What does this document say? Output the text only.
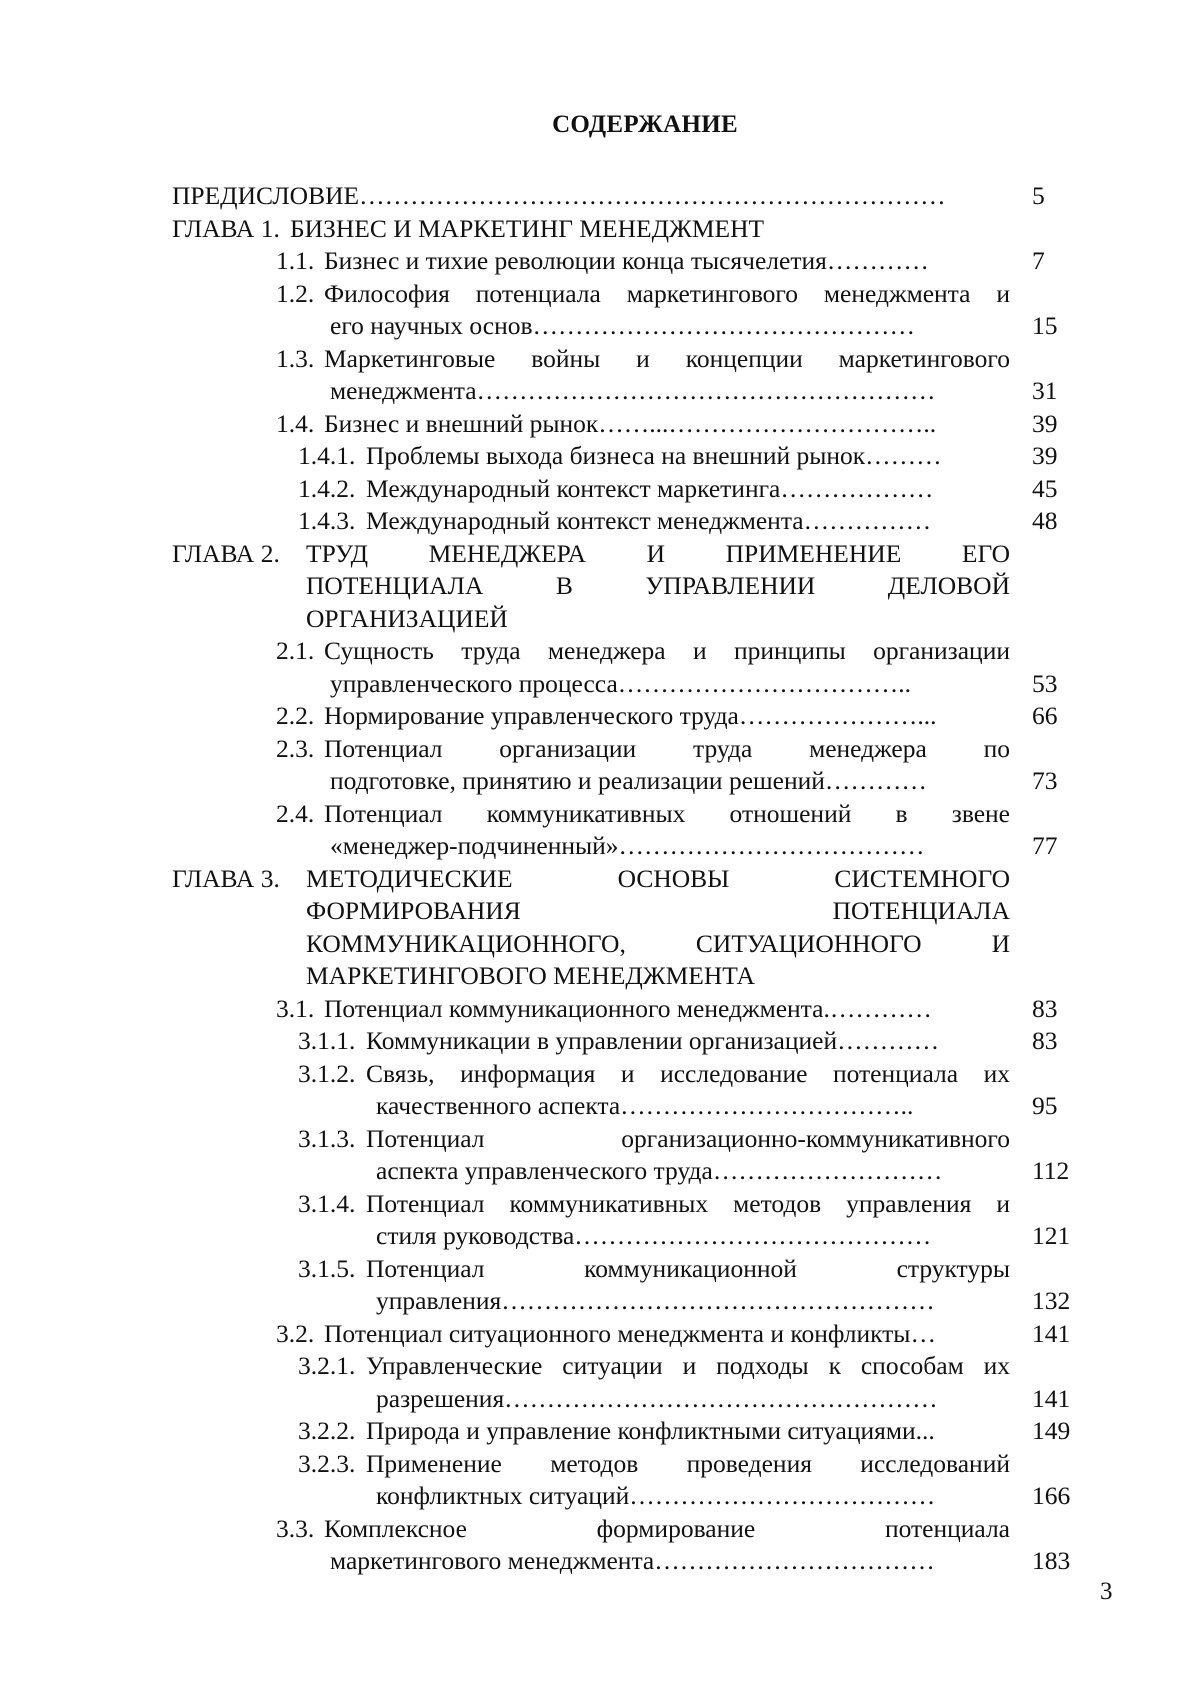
СОДЕРЖАНИЕ
ПРЕДИСЛОВИЕ……………………………………………………………	5
ГЛАВА 1. БИЗНЕС И МАРКЕТИНГ МЕНЕДЖМЕНТ
1.1. Бизнес и тихие революции конца тысячелетия…………	7
1.2. Философия потенциала маркетингового менеджмента и
его научных основ………………………………………	15
1.3. Маркетинговые войны и концепции маркетингового
менеджмента………………………………………………	31
1.4. Бизнес и внешний рынок……...…………………………..	39
1.4.1. Проблемы выхода бизнеса на внешний рынок………	39
1.4.2. Международный контекст маркетинга………………	45
1.4.3. Международный контекст менеджмента……………	48
ГЛАВА 2. ТРУД МЕНЕДЖЕРА И ПРИМЕНЕНИЕ ЕГО
ПОТЕНЦИАЛА В УПРАВЛЕНИИ ДЕЛОВОЙ
ОРГАНИЗАЦИЕЙ
2.1. Сущность труда менеджера и принципы организации
управленческого процесса……………………………..	53
2.2. Нормирование управленческого труда…………………...	66
2.3. Потенциал организации труда менеджера по
подготовке, принятию и реализации решений…………	73
2.4. Потенциал коммуникативных отношений в звене
«менеджер-подчиненный»………………………………	77
ГЛАВА 3. МЕТОДИЧЕСКИЕ ОСНОВЫ СИСТЕМНОГО
ФОРМИРОВАНИЯ ПОТЕНЦИАЛА
КОММУНИКАЦИОННОГО, СИТУАЦИОННОГО И
МАРКЕТИНГОВОГО МЕНЕДЖМЕНТА
3.1. Потенциал коммуникационного менеджмента.…………	83
3.1.1. Коммуникации в управлении организацией…………	83
3.1.2. Связь, информация и исследование потенциала их
качественного аспекта……………………………..	95
3.1.3. Потенциал организационно-коммуникативного
аспекта управленческого труда………………………	112
3.1.4. Потенциал коммуникативных методов управления и
стиля руководства……………………………………	121
3.1.5. Потенциал коммуникационной структуры
управления……………………………………………	132
3.2. Потенциал ситуационного менеджмента и конфликты…	141
3.2.1. Управленческие ситуации и подходы к способам их
разрешения……………………………………………	141
3.2.2. Природа и управление конфликтными ситуациями...	149
3.2.3. Применение методов проведения исследований
конфликтных ситуаций………………………………	166
3.3. Комплексное формирование потенциала
маркетингового менеджмента……………………………	183
3
